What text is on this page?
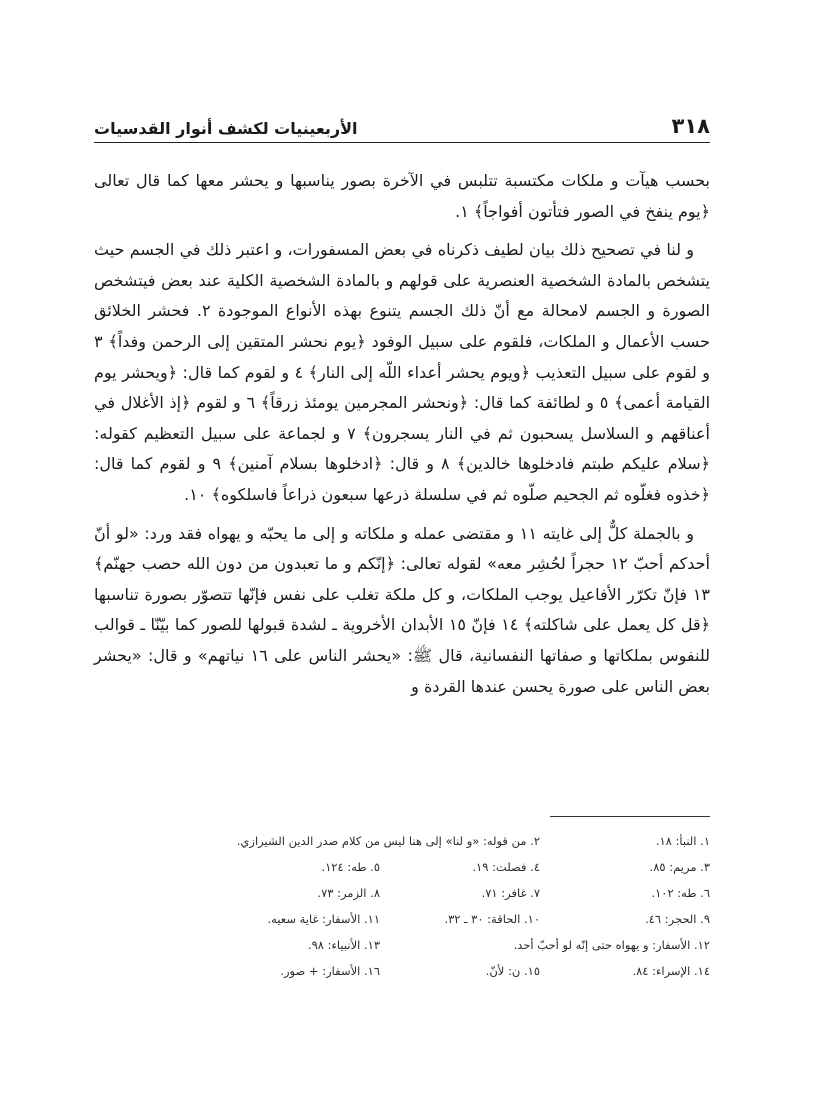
٣١٨
الأربعينيات لكشف أنوار القدسيات

بحسب هيآت و ملكات مكتسبة تتلبس في الآخرة بصور يناسبها و يحشر معها كما قال تعالى ﴿يوم ينفخ في الصور فتأتون أفواجاً﴾ ١.

و لنا في تصحيح ذلك بيان لطيف ذكرناه في بعض المسفورات، و اعتبر ذلك في الجسم حيث يتشخص بالمادة الشخصية العنصرية على قولهم و بالمادة الشخصية الكلية عند بعض فيتشخص الصورة و الجسم لامحالة مع أنّ ذلك الجسم يتنوع بهذه الأنواع الموجودة ٢. فحشر الخلائق حسب الأعمال و الملكات، فلقوم على سبيل الوفود ﴿يوم نحشر المتقين إلى الرحمن وفداً﴾ ٣ و لقوم على سبيل التعذيب ﴿ويوم يحشر أعداء اللّه إلى النار﴾ ٤ و لقوم كما قال: ﴿ويحشر يوم القيامة أعمى﴾ ٥ و لطائفة كما قال: ﴿ونحشر المجرمين يومئذ زرقاً﴾ ٦ و لقوم ﴿إذ الأغلال في أعناقهم و السلاسل يسحبون ثم في النار يسجرون﴾ ٧ و لجماعة على سبيل التعظيم كقوله: ﴿سلام عليكم طبتم فادخلوها خالدين﴾ ٨ و قال: ﴿ادخلوها بسلام آمنين﴾ ٩ و لقوم كما قال: ﴿خذوه فغلّوه ثم الجحيم صلّوه ثم في سلسلة ذرعها سبعون ذراعاً فاسلكوه﴾ ١٠.

و بالجملة كلٌّ إلى غايته ١١ و مقتضى عمله و ملكاته و إلى ما يحبّه و يهواه فقد ورد: «لو أنّ أحدكم أحبّ ١٢ حجراً لحُشِر معه» لقوله تعالى: ﴿إنّكم و ما تعبدون من دون الله حصب جهنّم﴾ ١٣ فإنّ تكرّر الأفاعيل يوجب الملكات، و كل ملكة تغلب على نفس فإنّها تتصوّر بصورة تناسبها ﴿قل كل يعمل على شاكلته﴾ ١٤ فإنّ ١٥ الأبدان الأخروية ـ لشدة قبولها للصور كما بيّنّا ـ قوالب للنفوس بملكاتها و صفاتها النفسانية، قال ﷺ: «يحشر الناس على ١٦ نياتهم» و قال: «يحشر بعض الناس على صورة يحسن عندها القردة و

١. النبأ: ١٨.
٢. من قوله: «و لنا» إلى هنا ليس من كلام صدر الدين الشيرازي.
٣. مريم: ٨٥.
٤. فصلت: ١٩.
٥. طه: ١٢٤.
٦. طه: ١٠٢.
٧. غافر: ٧١.
٨. الزمر: ٧٣.
٩. الحجر: ٤٦.
١٠. الحاقة: ٣٠ ـ ٣٢.
١١. الأسفار: غاية سعيه.
١٢. الأسفار: و يهواه حتى إنّه لو أحبّ أحد.
١٣. الأنبياء: ٩٨.
١٤. الإسراء: ٨٤.
١٥. ن: لأنّ.
١٦. الأسفار: + صور.
